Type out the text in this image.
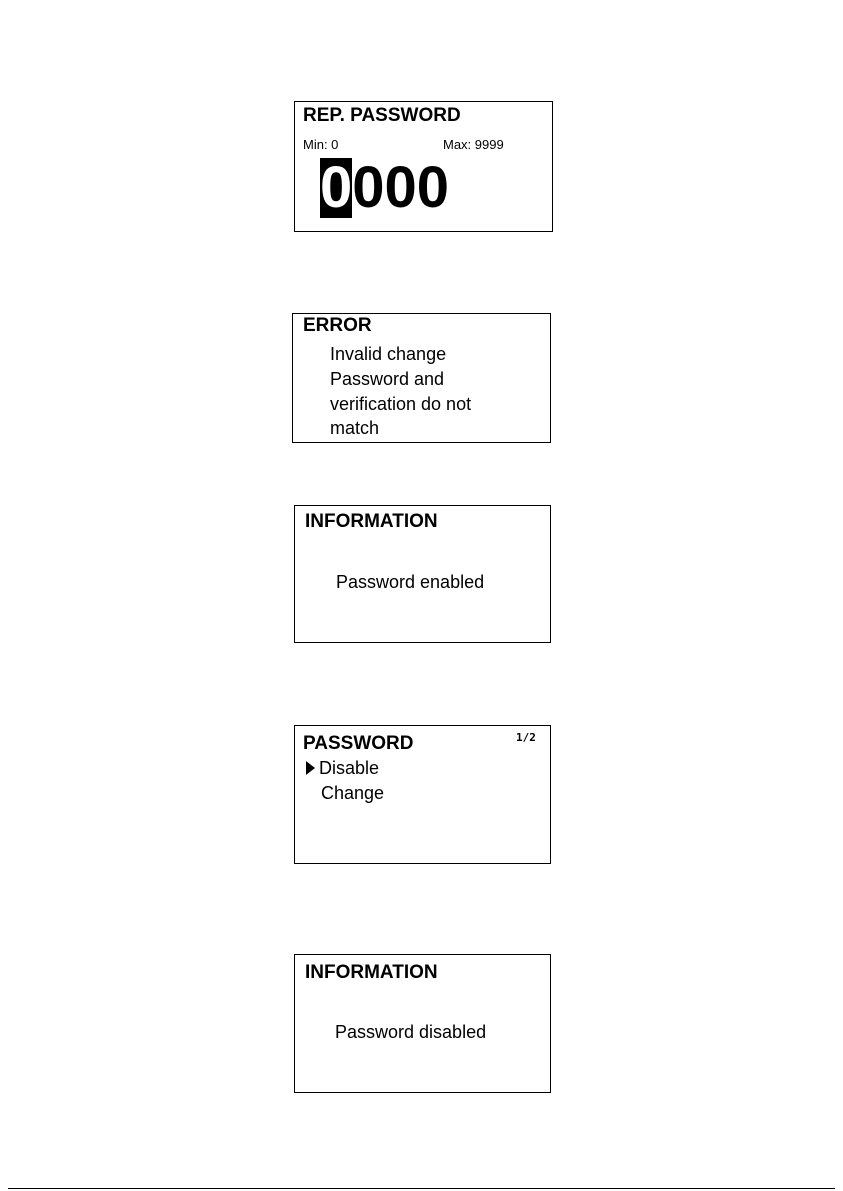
REP. PASSWORD
Min: 0	Max: 9999
0000
ERROR
Invalid change
Password and
verification do not
match
INFORMATION
Password enabled
PASSWORD	1/2
Disable
Change
INFORMATION
Password disabled
